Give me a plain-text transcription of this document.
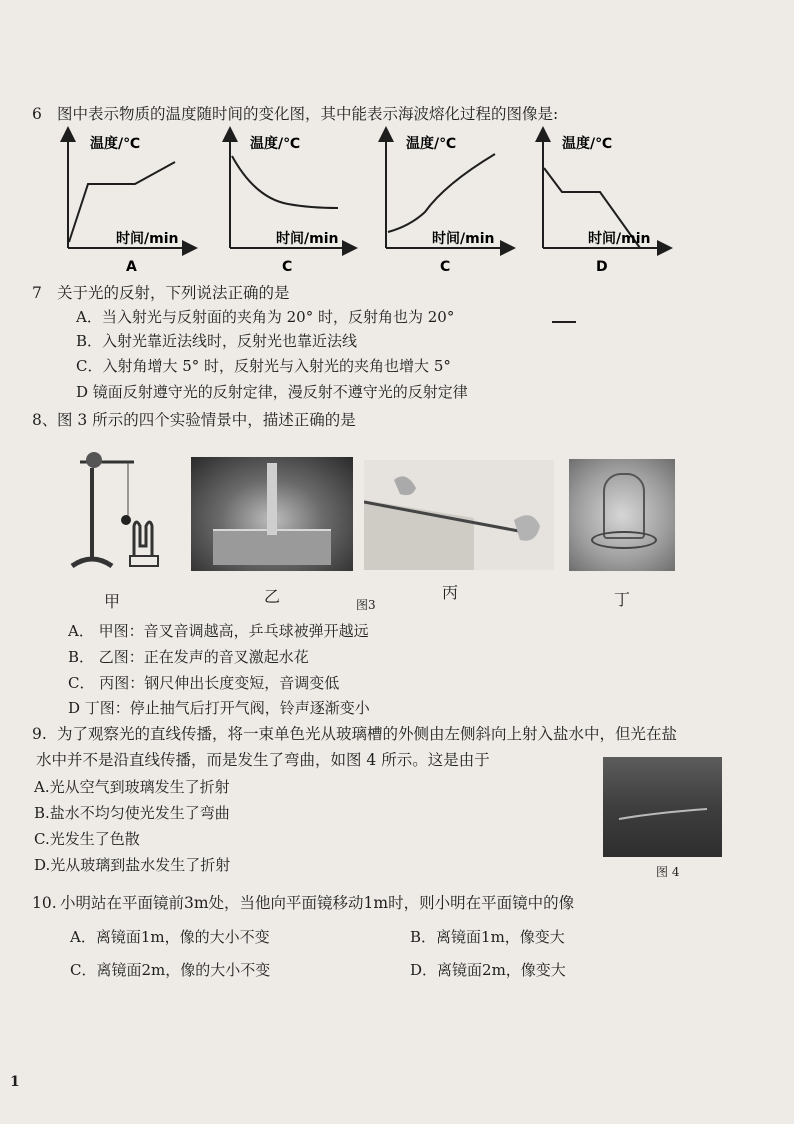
6 图中表示物质的温度随时间的变化图，其中能表示海波熔化过程的图像是:
温度/℃
时间/min
A
温度/℃
时间/min
C
温度/℃
时间/min
C
温度/℃
时间/min
D
7 关于光的反射，下列说法正确的是
A．当入射光与反射面的夹角为 20° 时，反射角也为 20°
B．入射光靠近法线时，反射光也靠近法线
C．入射角增大 5° 时，反射光与入射光的夹角也增大 5°
D 镜面反射遵守光的反射定律，漫反射不遵守光的反射定律
8、 图 3 所示的四个实验情景中，描述正确的是
甲	乙	图3
丙	丁
A． 甲图：音叉音调越高，乒乓球被弹开越远
B． 乙图：正在发声的音叉激起水花
C． 丙图：钢尺伸出长度变短，音调变低
D 丁图：停止抽气后打开气阀，铃声逐渐变小
9. 为了观察光的直线传播，将一束单色光从玻璃槽的外侧由左侧斜向上射入盐水中，但光在盐
水中并不是沿直线传播，而是发生了弯曲，如图 4 所示。这是由于
A.光从空气到玻璃发生了折射
B.盐水不均匀使光发生了弯曲
C.光发生了色散
D.光从玻璃到盐水发生了折射	图 4
10. 小明站在平面镜前3m处，当他向平面镜移动1m时，则小明在平面镜中的像
A．离镜面1m，像的大小不变	B．离镜面1m，像变大
C．离镜面2m，像的大小不变	D．离镜面2m，像变大
1
